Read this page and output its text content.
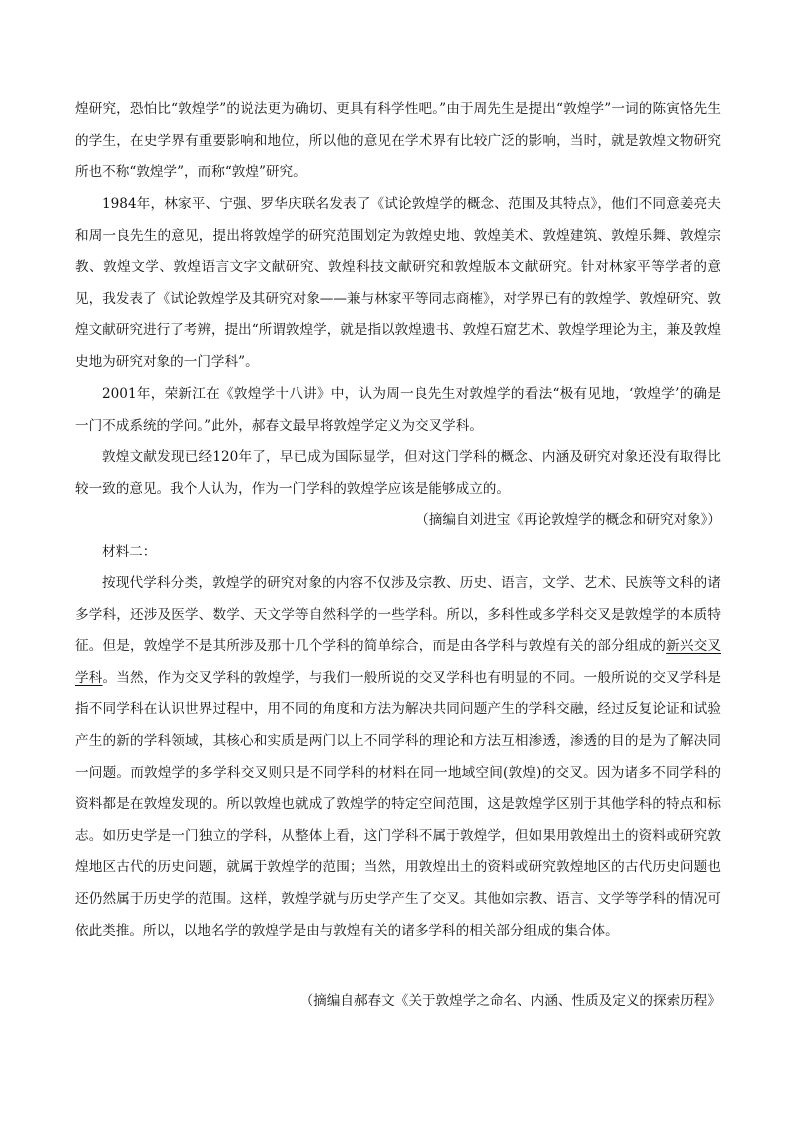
煌研究，恐怕比“敦煌学”的说法更为确切、更具有科学性吧。”由于周先生是提出“敦煌学”一词的陈寅恪先生的学生，在史学界有重要影响和地位，所以他的意见在学术界有比较广泛的影响，当时，就是敦煌文物研究所也不称“敦煌学”，而称“敦煌”研究。

1984年，林家平、宁强、罗华庆联名发表了《试论敦煌学的概念、范围及其特点》，他们不同意姜亮夫和周一良先生的意见，提出将敦煌学的研究范围划定为敦煌史地、敦煌美术、敦煌建筑、敦煌乐舞、敦煌宗教、敦煌文学、敦煌语言文字文献研究、敦煌科技文献研究和敦煌版本文献研究。针对林家平等学者的意见，我发表了《试论敦煌学及其研究对象——兼与林家平等同志商榷》，对学界已有的敦煌学、敦煌研究、敦煌文献研究进行了考辨，提出“所谓敦煌学，就是指以敦煌遗书、敦煌石窟艺术、敦煌学理论为主，兼及敦煌史地为研究对象的一门学科”。

2001年，荣新江在《敦煌学十八讲》中，认为周一良先生对敦煌学的看法“极有见地，‘敦煌学’的确是一门不成系统的学问。”此外，郝春文最早将敦煌学定义为交叉学科。

敦煌文献发现已经120年了，早已成为国际显学，但对这门学科的概念、内涵及研究对象还没有取得比较一致的意见。我个人认为，作为一门学科的敦煌学应该是能够成立的。

（摘编自刘进宝《再论敦煌学的概念和研究对象》）

材料二：

按现代学科分类，敦煌学的研究对象的内容不仅涉及宗教、历史、语言，文学、艺术、民族等文科的诸多学科，还涉及医学、数学、天文学等自然科学的一些学科。所以，多科性或多学科交叉是敦煌学的本质特征。但是，敦煌学不是其所涉及那十几个学科的简单综合，而是由各学科与敦煌有关的部分组成的新兴交叉学科。当然，作为交叉学科的敦煌学，与我们一般所说的交叉学科也有明显的不同。一般所说的交叉学科是指不同学科在认识世界过程中，用不同的角度和方法为解决共同问题产生的学科交融，经过反复论证和试验产生的新的学科领域，其核心和实质是两门以上不同学科的理论和方法互相渗透，渗透的目的是为了解决同一问题。而敦煌学的多学科交叉则只是不同学科的材料在同一地域空间(敦煌)的交叉。因为诸多不同学科的资料都是在敦煌发现的。所以敦煌也就成了敦煌学的特定空间范围，这是敦煌学区别于其他学科的特点和标志。如历史学是一门独立的学科，从整体上看，这门学科不属于敦煌学，但如果用敦煌出土的资料或研究敦煌地区古代的历史问题，就属于敦煌学的范围；当然，用敦煌出土的资料或研究敦煌地区的古代历史问题也还仍然属于历史学的范围。这样，敦煌学就与历史学产生了交叉。其他如宗教、语言、文学等学科的情况可依此类推。所以，以地名学的敦煌学是由与敦煌有关的诸多学科的相关部分组成的集合体。

（摘编自郝春文《关于敦煌学之命名、内涵、性质及定义的探索历程》
